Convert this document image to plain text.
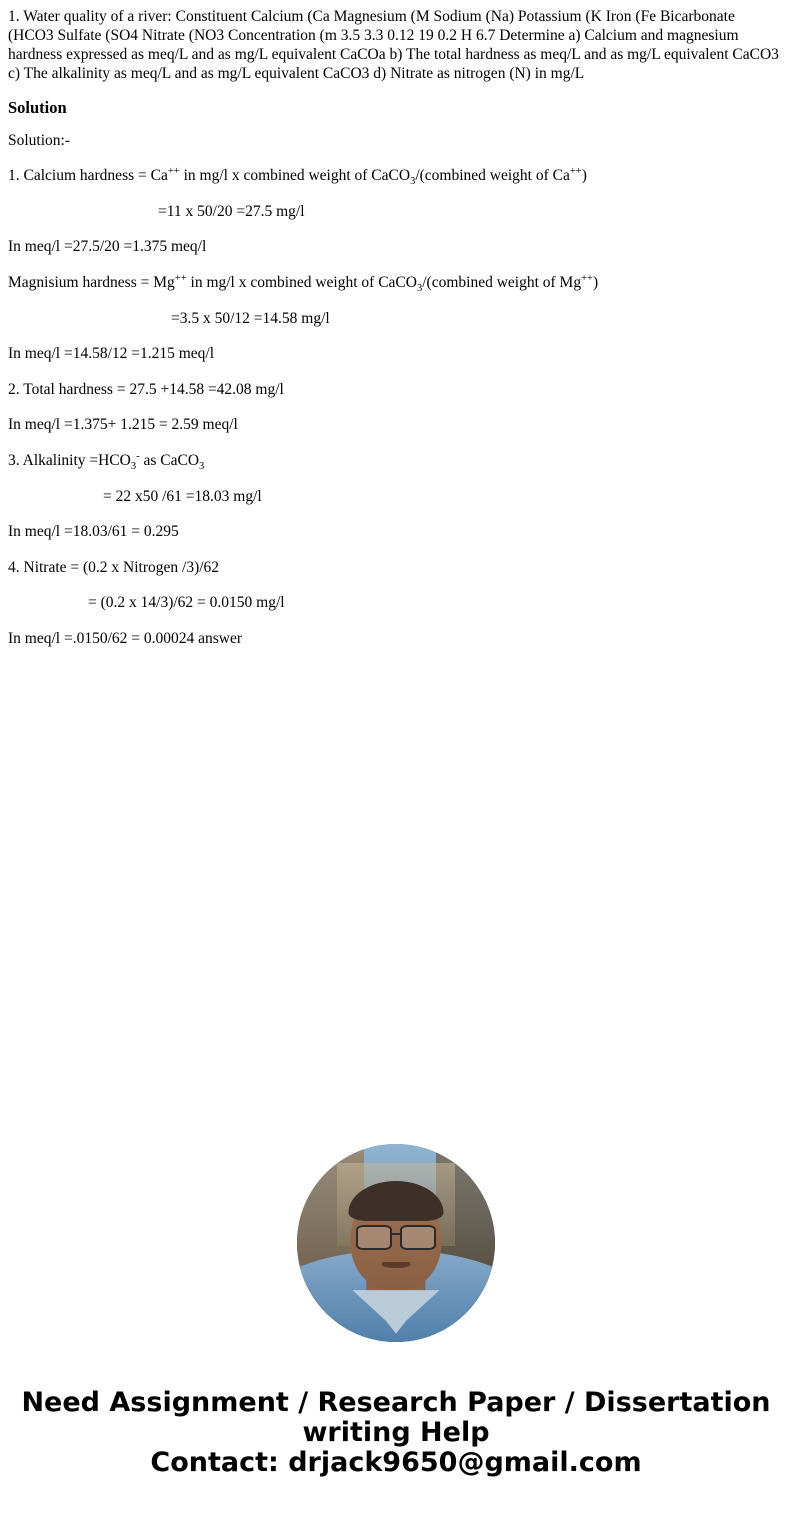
1. Water quality of a river: Constituent Calcium (Ca Magnesium (M Sodium (Na) Potassium (K Iron (Fe Bicarbonate (HCO3 Sulfate (SO4 Nitrate (NO3 Concentration (m 3.5 3.3 0.12 19 0.2 H 6.7 Determine a) Calcium and magnesium hardness expressed as meq/L and as mg/L equivalent CaCOa b) The total hardness as meq/L and as mg/L equivalent CaCO3 c) The alkalinity as meq/L and as mg/L equivalent CaCO3 d) Nitrate as nitrogen (N) in mg/L

Solution

Solution:-

1. Calcium hardness = Ca++ in mg/l x combined weight of CaCO$_3$/(combined weight of Ca++)

=11 x 50/20 =27.5 mg/l

In meq/l =27.5/20 =1.375 meq/l

Magnisium hardness = Mg++ in mg/l x combined weight of CaCO$_3$/(combined weight of Mg++)

=3.5 x 50/12 =14.58 mg/l

In meq/l =14.58/12 =1.215 meq/l

2. Total hardness = 27.5 +14.58 =42.08 mg/l

In meq/l =1.375+ 1.215 = 2.59 meq/l

3. Alkalinity $=HCO_3^-$ as CaCO$_3$

= 22 x50 /61 =18.03 mg/l

In meq/l =18.03/61 = 0.295

4. Nitrate = (0.2 x Nitrogen /3)/62

= (0.2 x 14/3)/62 = 0.0150 mg/l

In meq/l =.0150/62 = 0.00024 answer

Need Assignment / Research Paper / Dissertation
writing Help
Contact: drjack9650@gmail.com
